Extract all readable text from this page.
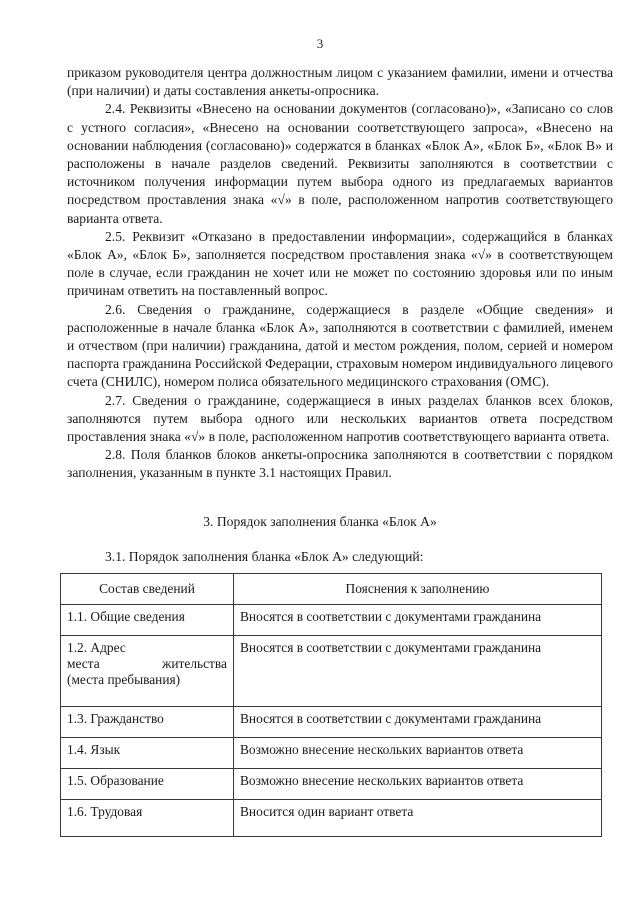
3

приказом руководителя центра должностным лицом с указанием фамилии, имени и отчества (при наличии) и даты составления анкеты-опросника.

2.4. Реквизиты «Внесено на основании документов (согласовано)», «Записано со слов с устного согласия», «Внесено на основании соответствующего запроса», «Внесено на основании наблюдения (согласовано)» содержатся в бланках «Блок А», «Блок Б», «Блок В» и расположены в начале разделов сведений. Реквизиты заполняются в соответствии с источником получения информации путем выбора одного из предлагаемых вариантов посредством проставления знака «√» в поле, расположенном напротив соответствующего варианта ответа.

2.5. Реквизит «Отказано в предоставлении информации», содержащийся в бланках «Блок А», «Блок Б», заполняется посредством проставления знака «√» в соответствующем поле в случае, если гражданин не хочет или не может по состоянию здоровья или по иным причинам ответить на поставленный вопрос.

2.6. Сведения о гражданине, содержащиеся в разделе «Общие сведения» и расположенные в начале бланка «Блок А», заполняются в соответствии с фамилией, именем и отчеством (при наличии) гражданина, датой и местом рождения, полом, серией и номером паспорта гражданина Российской Федерации, страховым номером индивидуального лицевого счета (СНИЛС), номером полиса обязательного медицинского страхования (ОМС).

2.7. Сведения о гражданине, содержащиеся в иных разделах бланков всех блоков, заполняются путем выбора одного или нескольких вариантов ответа посредством проставления знака «√» в поле, расположенном напротив соответствующего варианта ответа.

2.8. Поля бланков блоков анкеты-опросника заполняются в соответствии с порядком заполнения, указанным в пункте 3.1 настоящих Правил.

3. Порядок заполнения бланка «Блок А»
3.1. Порядок заполнения бланка «Блок А» следующий:
Состав сведений	Пояснения к заполнению
1.1. Общие сведения	Вносятся в соответствии с документами гражданина

1.2. Адрес
места жительства
(места пребывания)	Вносятся в соответствии с документами гражданина
1.3. Гражданство	Вносятся в соответствии с документами гражданина
1.4. Язык	Возможно внесение нескольких вариантов ответа
1.5. Образование	Возможно внесение нескольких вариантов ответа
1.6. Трудовая	Вносится один вариант ответа
